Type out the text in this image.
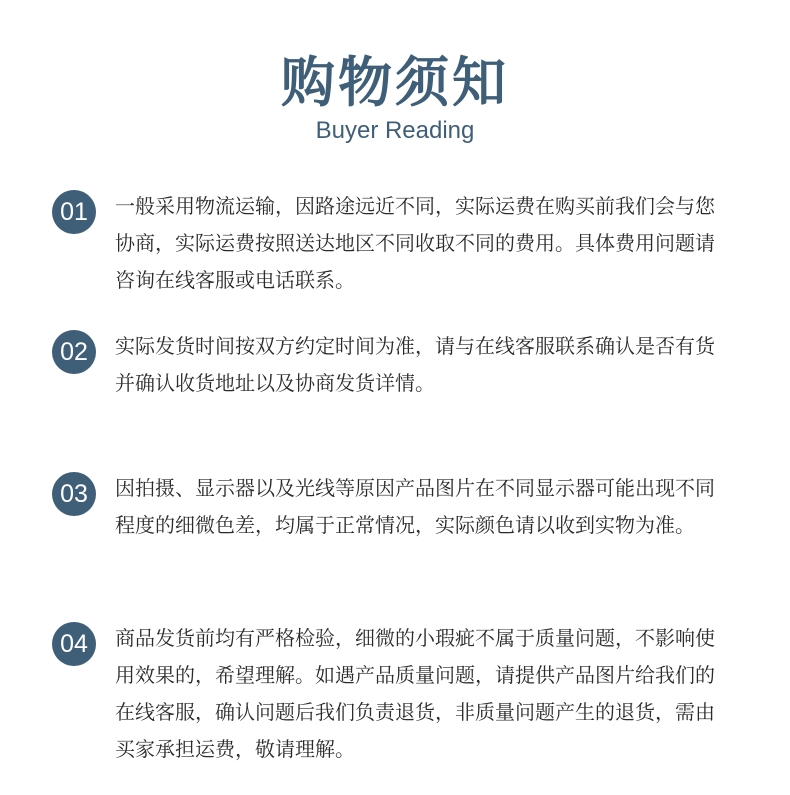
购物须知
Buyer Reading
01	一般采用物流运输，因路途远近不同，实际运费在购买前我们会与您协商，实际运费按照送达地区不同收取不同的费用。具体费用问题请咨询在线客服或电话联系。
02	实际发货时间按双方约定时间为准，请与在线客服联系确认是否有货并确认收货地址以及协商发货详情。
03	因拍摄、显示器以及光线等原因产品图片在不同显示器可能出现不同程度的细微色差，均属于正常情况，实际颜色请以收到实物为准。
04	商品发货前均有严格检验，细微的小瑕疵不属于质量问题，不影响使用效果的，希望理解。如遇产品质量问题，请提供产品图片给我们的在线客服，确认问题后我们负责退货，非质量问题产生的退货，需由买家承担运费，敬请理解。
